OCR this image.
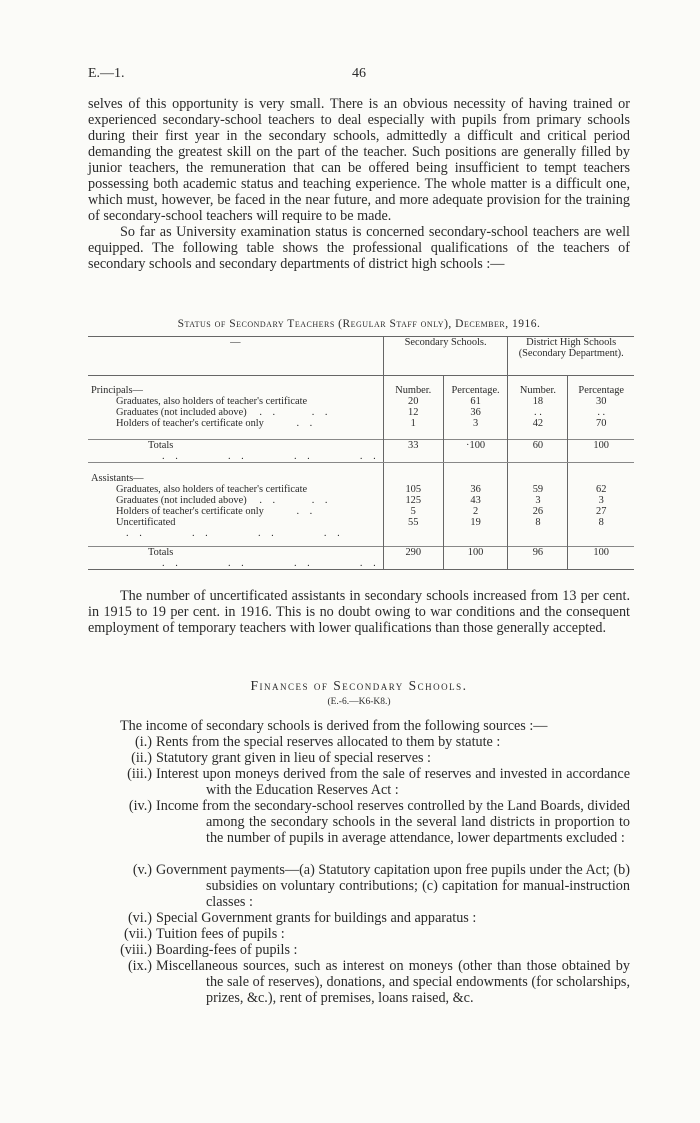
E.—1.	46

selves of this opportunity is very small. There is an obvious necessity of having trained or experienced secondary-school teachers to deal especially with pupils from primary schools during their first year in the secondary schools, admittedly a difficult and critical period demanding the greatest skill on the part of the teacher. Such positions are generally filled by junior teachers, the remuneration that can be offered being insufficient to tempt teachers possessing both academic status and teaching experience. The whole matter is a difficult one, which must, however, be faced in the near future, and more adequate provision for the training of secondary-school teachers will require to be made.

So far as University examination status is concerned secondary-school teachers are well equipped. The following table shows the professional qualifications of the teachers of secondary schools and secondary departments of district high schools :—

Status of Secondary Teachers (Regular Staff only), December, 1916.
—	Secondary Schools.		District High Schools (Secondary Department).	
Principals—	Number.	Percentage.	Number.	Percentage
Graduates, also holders of teacher's certificate	20	61	18	30
Graduates (not included above) . . . .	12	36	. .	. .
Holders of teacher's certificate only . .	1	3	42	70

Totals . .       . .       . .       . .	33	·100	60	100
Assistants—				
Graduates, also holders of teacher's certificate	105	36	59	62
Graduates (not included above) . . . .	125	43	3	3
Holders of teacher's certificate only . .	5	2	26	27
Uncertificated . .       . .       . .       . .	55	19	8	8

Totals . .       . .       . .       . .	290	100	96	100

The number of uncertificated assistants in secondary schools increased from 13 per cent. in 1915 to 19 per cent. in 1916. This is no doubt owing to war conditions and the consequent employment of temporary teachers with lower qualifications than those generally accepted.

Finances of Secondary Schools.
(E.-6.—K6-K8.)

The income of secondary schools is derived from the following sources :—

(i.) Rents from the special reserves allocated to them by statute :
(ii.) Statutory grant given in lieu of special reserves :
(iii.) Interest upon moneys derived from the sale of reserves and invested in accordance with the Education Reserves Act :
(iv.) Income from the secondary-school reserves controlled by the Land Boards, divided among the secondary schools in the several land districts in proportion to the number of pupils in average attendance, lower departments excluded :
(v.) Government payments—(a) Statutory capitation upon free pupils under the Act; (b) subsidies on voluntary contributions; (c) capitation for manual-instruction classes :
(vi.) Special Government grants for buildings and apparatus :
(vii.) Tuition fees of pupils :
(viii.) Boarding-fees of pupils :
(ix.) Miscellaneous sources, such as interest on moneys (other than those obtained by the sale of reserves), donations, and special endowments (for scholarships, prizes, &c.), rent of premises, loans raised, &c.
